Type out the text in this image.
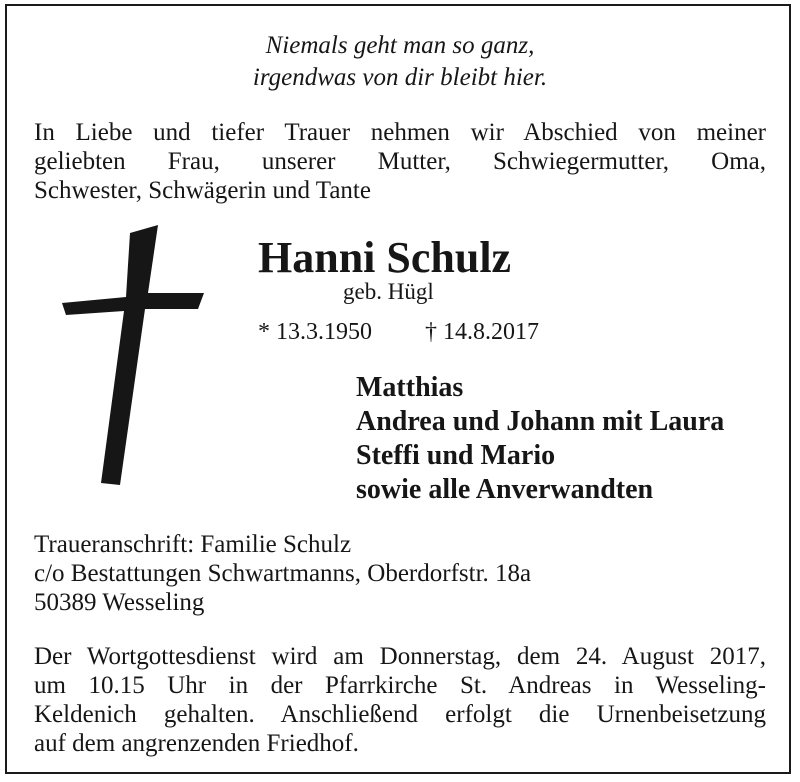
Niemals geht man so ganz,
irgendwas von dir bleibt hier.
In Liebe und tiefer Trauer nehmen wir Abschied von meiner
geliebten Frau, unserer Mutter, Schwiegermutter, Oma,
Schwester, Schwägerin und Tante
Hanni Schulz
geb. Hügl
* 13.3.1950 † 14.8.2017
Matthias
Andrea und Johann mit Laura
Steffi und Mario
sowie alle Anverwandten
Traueranschrift: Familie Schulz
c/o Bestattungen Schwartmanns, Oberdorfstr. 18a
50389 Wesseling
Der Wortgottesdienst wird am Donnerstag, dem 24. August 2017,
um 10.15 Uhr in der Pfarrkirche St. Andreas in Wesseling-
Keldenich gehalten. Anschließend erfolgt die Urnenbeisetzung
auf dem angrenzenden Friedhof.
